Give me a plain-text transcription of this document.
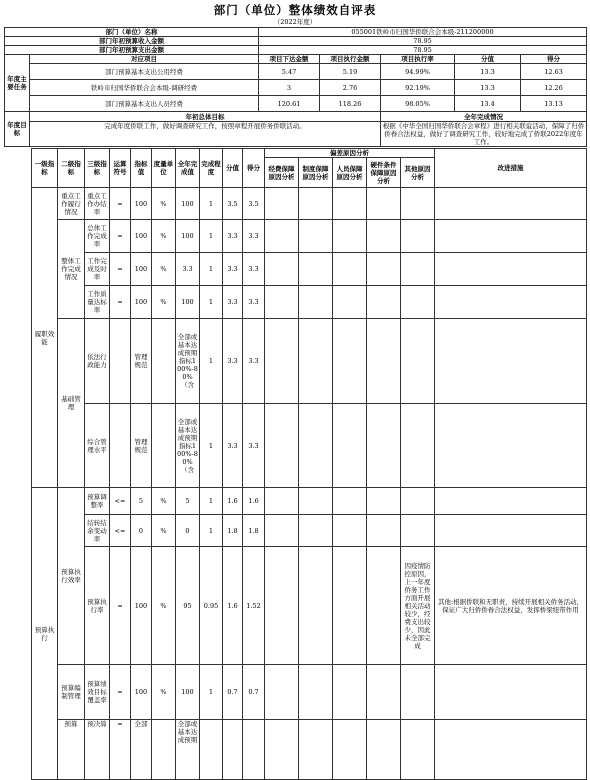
部门（单位）整体绩效自评表
（2022年度）
部门（单位）名称		055001铁岭市归国华侨联合会本级-211200000				
部门年初预算收入金额		78.95				
部门年初预算支出金额		78.95				
年度主要任务	对应项目	项目下达金额	项目执行金额	项目执行率	分值	得分
	部门预算基本支出公用经费	5.47	5.19	94.99%	13.3	12.63
	铁岭市归国华侨联合会本级-调研经费	3	2.76	92.19%	13.3	12.26
	部门预算基本支出人员经费	120.61	118.26	98.05%	13.4	13.13
年度目标	年初总体目标			全年完成情况		
	完成年度侨联工作，做好调查研究工作，按照章程开展侨务侨联活动。			根据《中华全国归国华侨联合会章程》进行相关联谊活动，保障了归侨侨眷合法权益，做好了调查研究工作，较好地完成了侨联2022年度年工作。		
一级指标	二级指标	三级指标	运算符号	指标值	度量单位	全年完成值	完成程度	分值	得分	偏差原因分析					改进措施
										经费保障原因分析	制度保障原因分析	人员保障原因分析	硬件条件保障原因分析	其他原因分析	
履职效能	重点工作履行情况	重点工作办结率	=	100	%	100	1	3.5	3.5						
	整体工作完成情况	总体工作完成率	=	100	%	100	1	3.3	3.3						
		工作完成及时率	=	100	%	3.3	1	3.3	3.3						
		工作质量达标率	=	100	%	100	1	3.3	3.3						
	基础管理	依法行政能力		管理规范		全部或基本达成预期指标100%-80%（含	1	3.3	3.3						
		综合管理水平		管理规范		全部或基本达成预期指标100%-80%（含	1	3.3	3.3						
预算执行	预算执行效率	预算调整率	<=	5	%	5	1	1.6	1.6						
		结转结余变动率	<=	0	%	0	1	1.8	1.8						
		预算执行率	=	100	%	95	0.95	1.6	1.52					因疫情防控原因，上一年度侨务工作方面开展相关活动较少，经费支出较少，因此未全部完成	其他:根据侨联和无职责，持续开展相关侨务活动，保证广大归侨侨眷合法权益，发挥桥梁纽带作用
	预算编制管理	预算绩效目标覆盖率	=	100	%	100	1	0.7	0.7						
	预算	预决算	=	全部		全部或基本达成预期									
